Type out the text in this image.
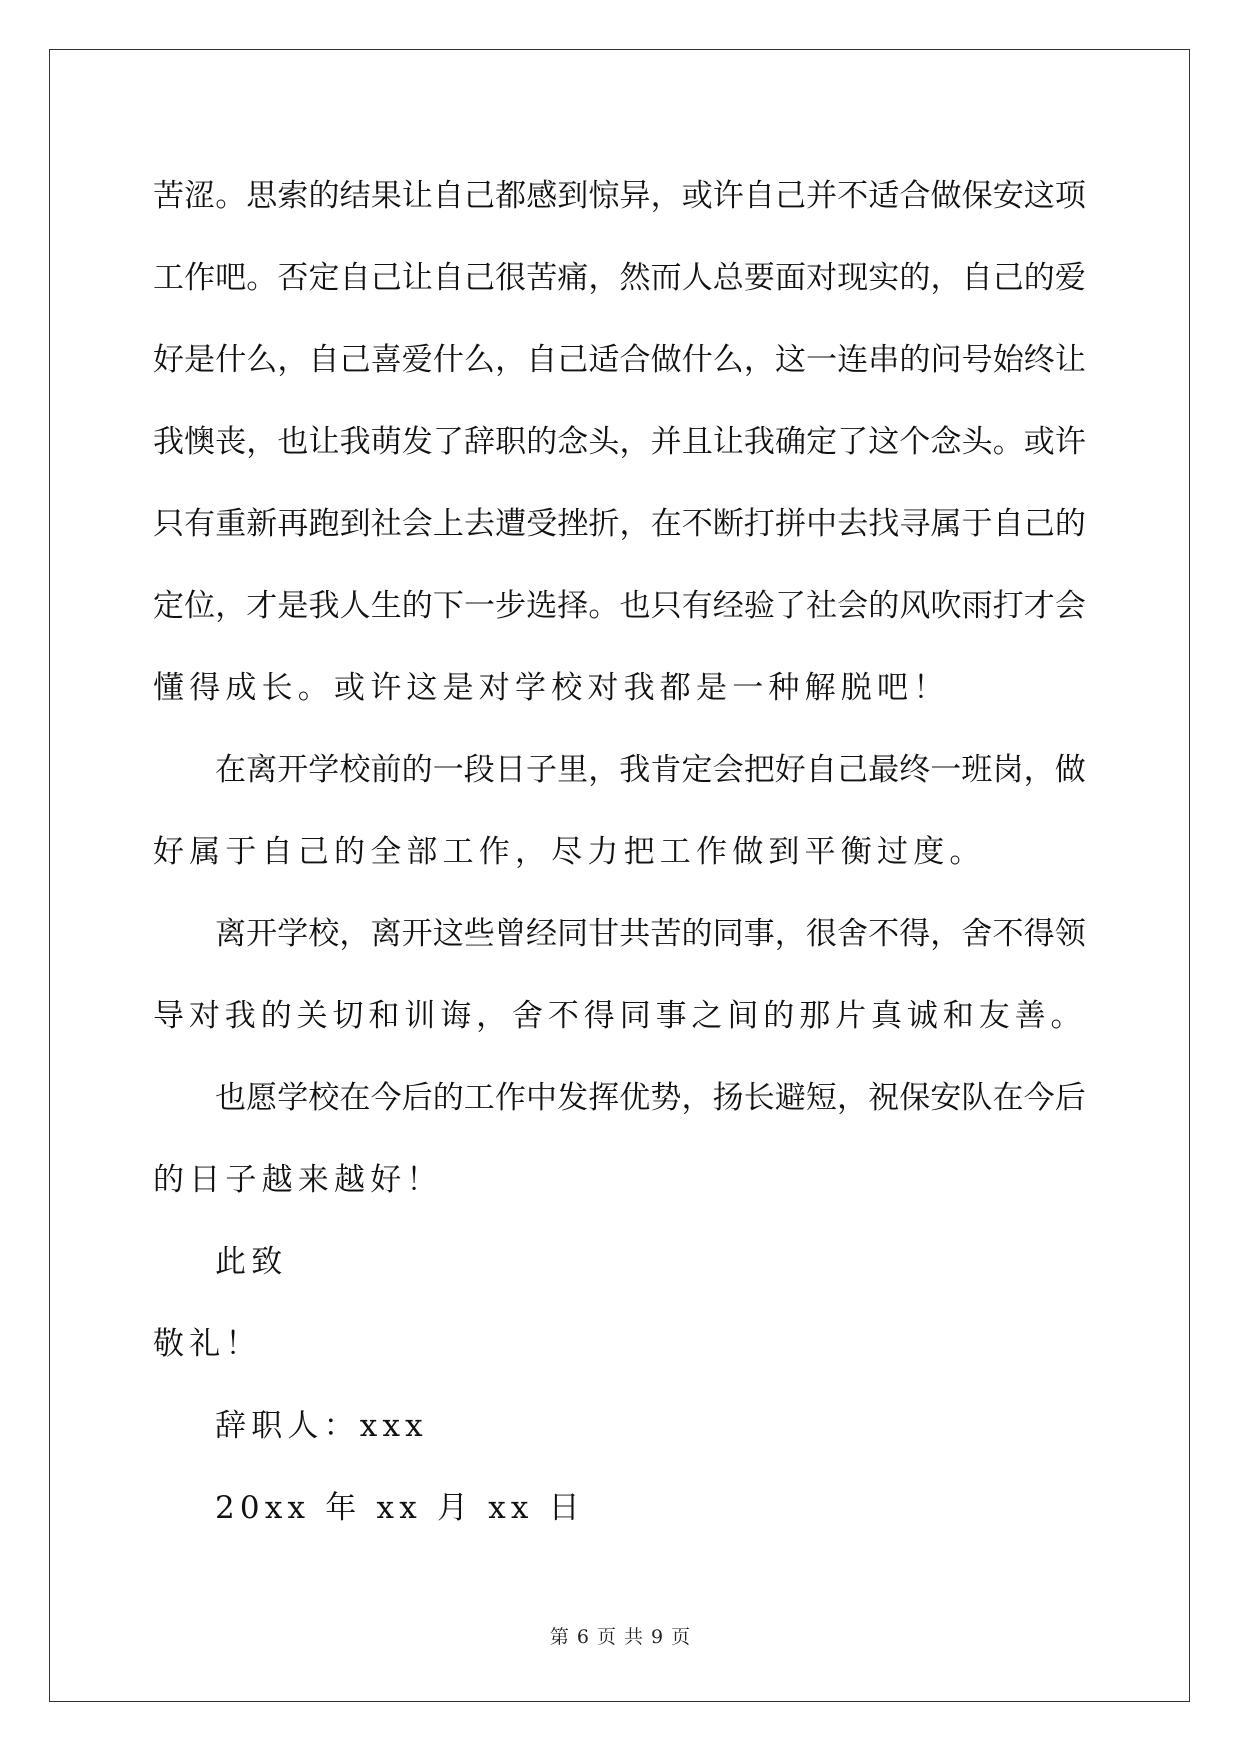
苦涩。思索的结果让自己都感到惊异，或许自己并不适合做保安这项
工作吧。否定自己让自己很苦痛，然而人总要面对现实的，自己的爱
好是什么，自己喜爱什么，自己适合做什么，这一连串的问号始终让
我懊丧，也让我萌发了辞职的念头，并且让我确定了这个念头。或许
只有重新再跑到社会上去遭受挫折，在不断打拼中去找寻属于自己的
定位，才是我人生的下一步选择。也只有经验了社会的风吹雨打才会
懂得成长。或许这是对学校对我都是一种解脱吧！
在离开学校前的一段日子里，我肯定会把好自己最终一班岗，做
好属于自己的全部工作，尽力把工作做到平衡过度。
离开学校，离开这些曾经同甘共苦的同事，很舍不得，舍不得领
导对我的关切和训诲，舍不得同事之间的那片真诚和友善。
也愿学校在今后的工作中发挥优势，扬长避短，祝保安队在今后
的日子越来越好！
此致
敬礼！
辞职人：xxx
20xx 年 xx 月 xx 日
第 6 页 共 9 页
